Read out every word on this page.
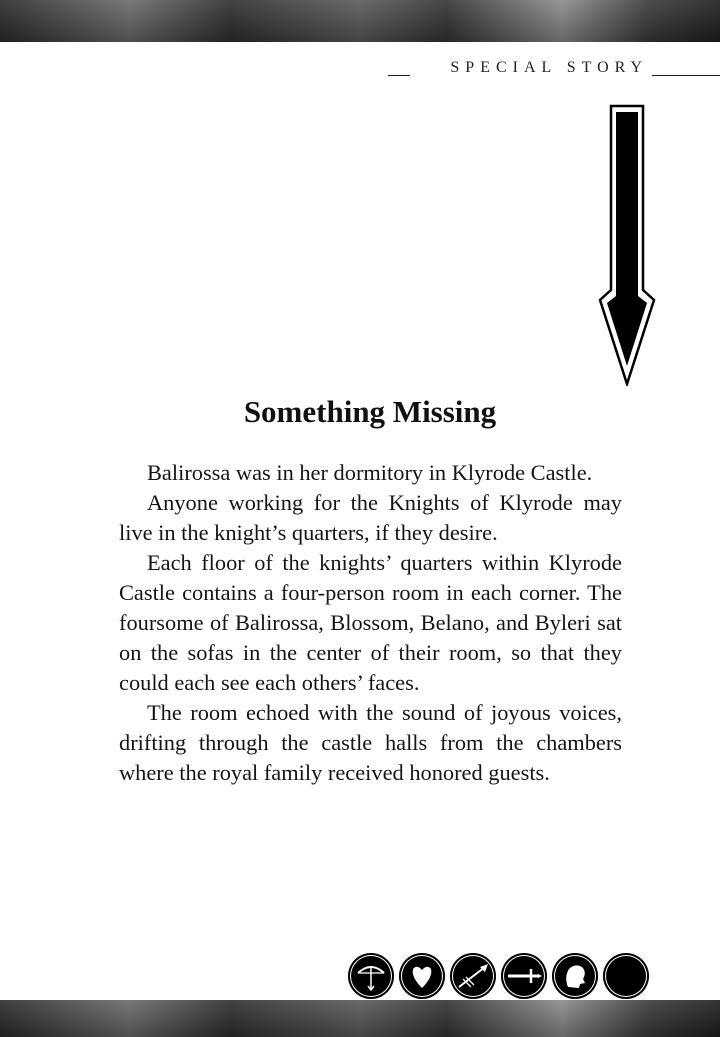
SPECIAL STORY
Something Missing

Balirossa was in her dormitory in Klyrode Castle.

Anyone working for the Knights of Klyrode may live in the knight’s quarters, if they desire.

Each floor of the knights’ quarters within Klyrode Castle contains a four-person room in each corner. The foursome of Balirossa, Blossom, Belano, and Byleri sat on the sofas in the center of their room, so that they could each see each others’ faces.

The room echoed with the sound of joyous voices, drifting through the castle halls from the chambers where the royal family received honored guests.
